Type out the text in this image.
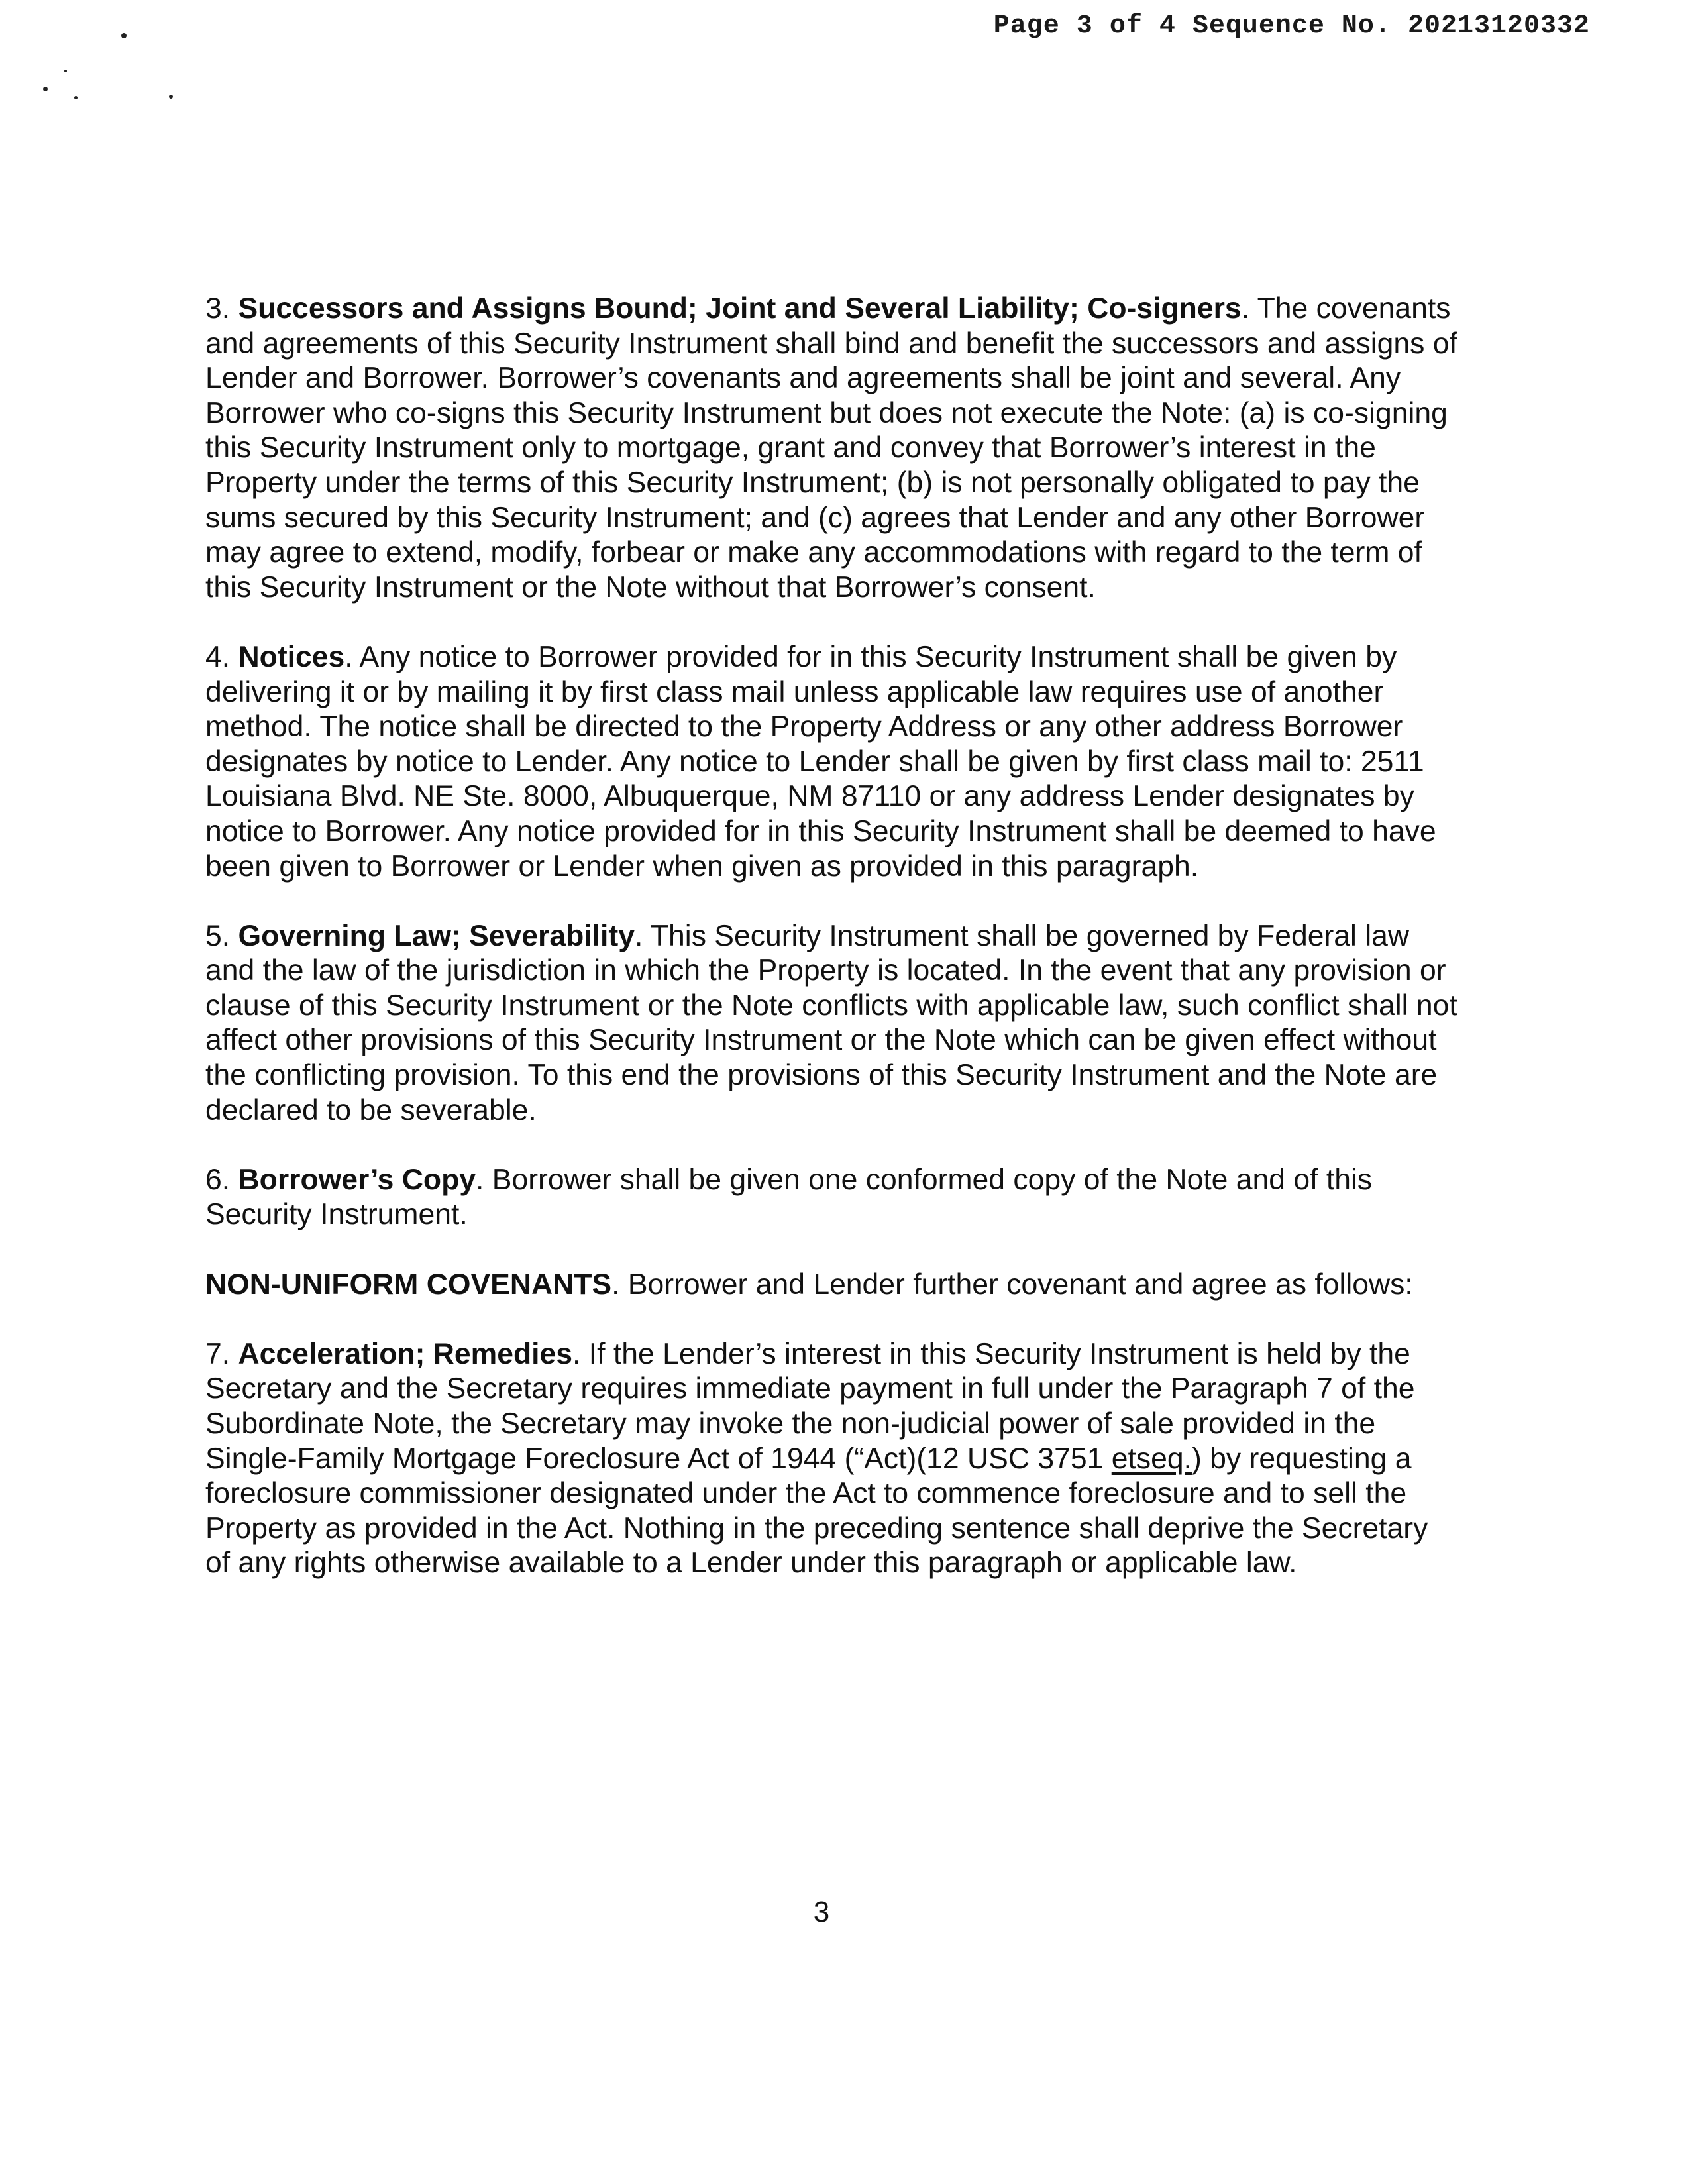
Page 3 of 4 Sequence No. 20213120332
3. Successors and Assigns Bound; Joint and Several Liability; Co-signers. The covenants
and agreements of this Security Instrument shall bind and benefit the successors and assigns of
Lender and Borrower. Borrower’s covenants and agreements shall be joint and several. Any
Borrower who co-signs this Security Instrument but does not execute the Note: (a) is co-signing
this Security Instrument only to mortgage, grant and convey that Borrower’s interest in the
Property under the terms of this Security Instrument; (b) is not personally obligated to pay the
sums secured by this Security Instrument; and (c) agrees that Lender and any other Borrower
may agree to extend, modify, forbear or make any accommodations with regard to the term of
this Security Instrument or the Note without that Borrower’s consent.
4. Notices. Any notice to Borrower provided for in this Security Instrument shall be given by
delivering it or by mailing it by first class mail unless applicable law requires use of another
method. The notice shall be directed to the Property Address or any other address Borrower
designates by notice to Lender. Any notice to Lender shall be given by first class mail to: 2511
Louisiana Blvd. NE Ste. 8000, Albuquerque, NM 87110 or any address Lender designates by
notice to Borrower. Any notice provided for in this Security Instrument shall be deemed to have
been given to Borrower or Lender when given as provided in this paragraph.
5. Governing Law; Severability. This Security Instrument shall be governed by Federal law
and the law of the jurisdiction in which the Property is located. In the event that any provision or
clause of this Security Instrument or the Note conflicts with applicable law, such conflict shall not
affect other provisions of this Security Instrument or the Note which can be given effect without
the conflicting provision. To this end the provisions of this Security Instrument and the Note are
declared to be severable.
6. Borrower’s Copy. Borrower shall be given one conformed copy of the Note and of this
Security Instrument.
NON-UNIFORM COVENANTS. Borrower and Lender further covenant and agree as follows:
7. Acceleration; Remedies. If the Lender’s interest in this Security Instrument is held by the
Secretary and the Secretary requires immediate payment in full under the Paragraph 7 of the
Subordinate Note, the Secretary may invoke the non-judicial power of sale provided in the
Single-Family Mortgage Foreclosure Act of 1944 (“Act)(12 USC 3751 etseq.) by requesting a
foreclosure commissioner designated under the Act to commence foreclosure and to sell the
Property as provided in the Act. Nothing in the preceding sentence shall deprive the Secretary
of any rights otherwise available to a Lender under this paragraph or applicable law.
3
